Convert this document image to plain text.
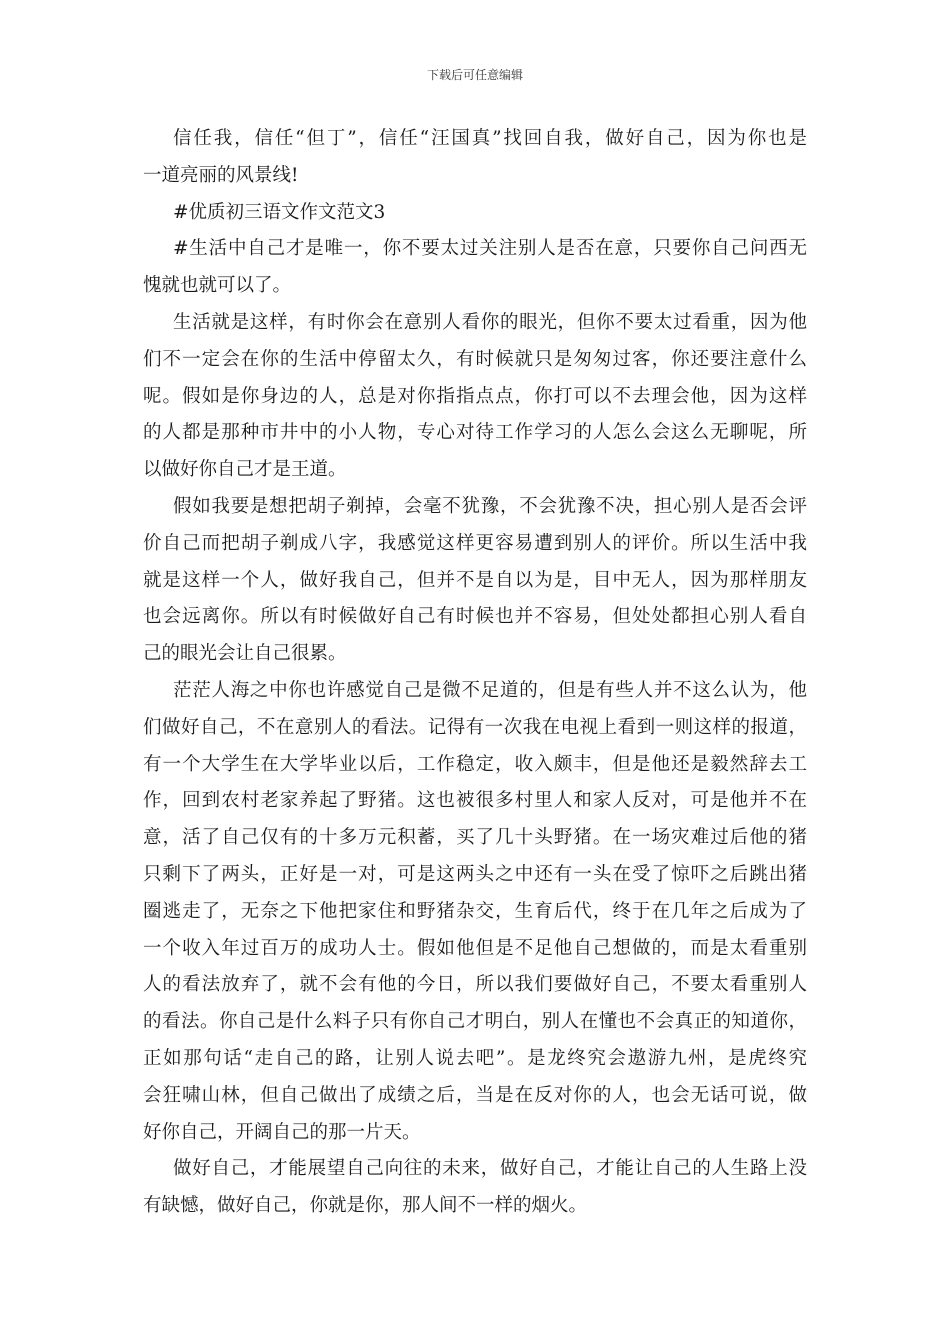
下载后可任意编辑
信任我，信任“但丁”，信任“汪国真”找回自我，做好自己，因为你也是
一道亮丽的风景线!
#优质初三语文作文范文3
#生活中自己才是唯一，你不要太过关注别人是否在意，只要你自己问西无
愧就也就可以了。
生活就是这样，有时你会在意别人看你的眼光，但你不要太过看重，因为他
们不一定会在你的生活中停留太久，有时候就只是匆匆过客，你还要注意什么
呢。假如是你身边的人，总是对你指指点点，你打可以不去理会他，因为这样
的人都是那种市井中的小人物，专心对待工作学习的人怎么会这么无聊呢，所
以做好你自己才是王道。
假如我要是想把胡子剃掉，会毫不犹豫，不会犹豫不决，担心别人是否会评
价自己而把胡子剃成八字，我感觉这样更容易遭到别人的评价。所以生活中我
就是这样一个人，做好我自己，但并不是自以为是，目中无人，因为那样朋友
也会远离你。所以有时候做好自己有时候也并不容易，但处处都担心别人看自
己的眼光会让自己很累。
茫茫人海之中你也许感觉自己是微不足道的，但是有些人并不这么认为，他
们做好自己，不在意别人的看法。记得有一次我在电视上看到一则这样的报道，
有一个大学生在大学毕业以后，工作稳定，收入颇丰，但是他还是毅然辞去工
作，回到农村老家养起了野猪。这也被很多村里人和家人反对，可是他并不在
意，活了自己仅有的十多万元积蓄，买了几十头野猪。在一场灾难过后他的猪
只剩下了两头，正好是一对，可是这两头之中还有一头在受了惊吓之后跳出猪
圈逃走了，无奈之下他把家住和野猪杂交，生育后代，终于在几年之后成为了
一个收入年过百万的成功人士。假如他但是不足他自己想做的，而是太看重别
人的看法放弃了，就不会有他的今日，所以我们要做好自己，不要太看重别人
的看法。你自己是什么料子只有你自己才明白，别人在懂也不会真正的知道你，
正如那句话“走自己的路，让别人说去吧”。是龙终究会遨游九州，是虎终究
会狂啸山林，但自己做出了成绩之后，当是在反对你的人，也会无话可说，做
好你自己，开阔自己的那一片天。
做好自己，才能展望自己向往的未来，做好自己，才能让自己的人生路上没
有缺憾，做好自己，你就是你，那人间不一样的烟火。
